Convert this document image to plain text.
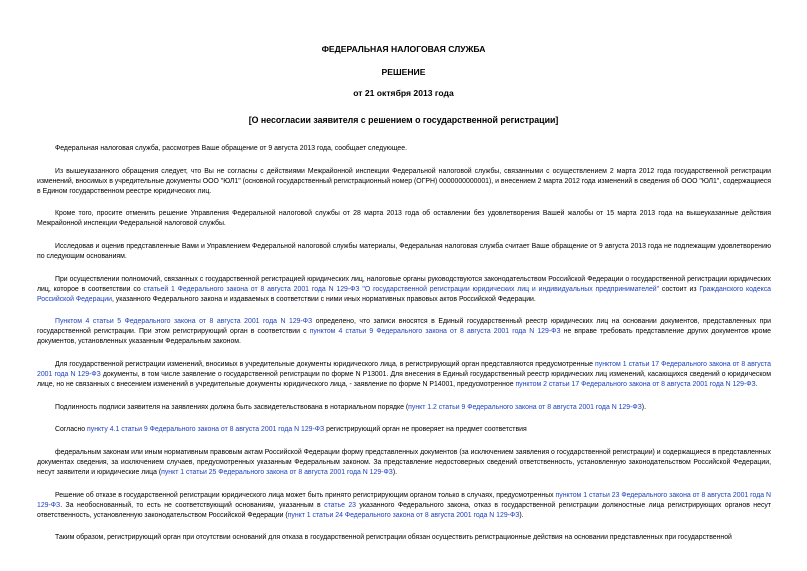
ФЕДЕРАЛЬНАЯ НАЛОГОВАЯ СЛУЖБА
РЕШЕНИЕ
от 21 октября 2013 года
[О несогласии заявителя с решением о государственной регистрации]

Федеральная налоговая служба, рассмотрев Ваше обращение от 9 августа 2013 года, сообщает следующее.

Из вышеуказанного обращения следует, что Вы не согласны с действиями Межрайонной инспекции Федеральной налоговой службы, связанными с осуществлением 2 марта 2012 года государственной регистрации изменений, вносимых в учредительные документы ООО "ЮЛ1" (основной государственный регистрационный номер (ОГРН) 0000000000001), и внесением 2 марта 2012 года изменений в сведения об ООО "ЮЛ1", содержащиеся в Едином государственном реестре юридических лиц.

Кроме того, просите отменить решение Управления Федеральной налоговой службы от 28 марта 2013 года об оставлении без удовлетворения Вашей жалобы от 15 марта 2013 года на вышеуказанные действия Межрайонной инспекции Федеральной налоговой службы.

Исследовав и оценив представленные Вами и Управлением Федеральной налоговой службы материалы, Федеральная налоговая служба считает Ваше обращение от 9 августа 2013 года не подлежащим удовлетворению по следующим основаниям.

При осуществлении полномочий, связанных с государственной регистрацией юридических лиц, налоговые органы руководствуются законодательством Российской Федерации о государственной регистрации юридических лиц, которое в соответствии со статьей 1 Федерального закона от 8 августа 2001 года N 129-ФЗ "О государственной регистрации юридических лиц и индивидуальных предпринимателей" состоит из Гражданского кодекса Российской Федерации, указанного Федерального закона и издаваемых в соответствии с ними иных нормативных правовых актов Российской Федерации.

Пунктом 4 статьи 5 Федерального закона от 8 августа 2001 года N 129-ФЗ определено, что записи вносятся в Единый государственный реестр юридических лиц на основании документов, представленных при государственной регистрации. При этом регистрирующий орган в соответствии с пунктом 4 статьи 9 Федерального закона от 8 августа 2001 года N 129-ФЗ не вправе требовать представление других документов кроме документов, установленных указанным Федеральным законом.

Для государственной регистрации изменений, вносимых в учредительные документы юридического лица, в регистрирующий орган представляются предусмотренные пунктом 1 статьи 17 Федерального закона от 8 августа 2001 года N 129-ФЗ документы, в том числе заявление о государственной регистрации по форме N Р13001. Для внесения в Единый государственный реестр юридических лиц изменений, касающихся сведений о юридическом лице, но не связанных с внесением изменений в учредительные документы юридического лица, - заявление по форме N Р14001, предусмотренное пунктом 2 статьи 17 Федерального закона от 8 августа 2001 года N 129-ФЗ.

Подлинность подписи заявителя на заявлениях должна быть засвидетельствована в нотариальном порядке (пункт 1.2 статьи 9 Федерального закона от 8 августа 2001 года N 129-ФЗ).

Согласно пункту 4.1 статьи 9 Федерального закона от 8 августа 2001 года N 129-ФЗ регистрирующий орган не проверяет на предмет соответствия

федеральным законам или иным нормативным правовым актам Российской Федерации форму представленных документов (за исключением заявления о государственной регистрации) и содержащиеся в представленных документах сведения, за исключением случаев, предусмотренных указанным Федеральным законом. За представление недостоверных сведений ответственность, установленную законодательством Российской Федерации, несут заявители и юридические лица (пункт 1 статьи 25 Федерального закона от 8 августа 2001 года N 129-ФЗ).

Решение об отказе в государственной регистрации юридического лица может быть принято регистрирующим органом только в случаях, предусмотренных пунктом 1 статьи 23 Федерального закона от 8 августа 2001 года N 129-ФЗ. За необоснованный, то есть не соответствующий основаниям, указанным в статье 23 указанного Федерального закона, отказ в государственной регистрации должностные лица регистрирующих органов несут ответственность, установленную законодательством Российской Федерации (пункт 1 статьи 24 Федерального закона от 8 августа 2001 года N 129-ФЗ).

Таким образом, регистрирующий орган при отсутствии оснований для отказа в государственной регистрации обязан осуществить регистрационные действия на основании представленных при государственной
